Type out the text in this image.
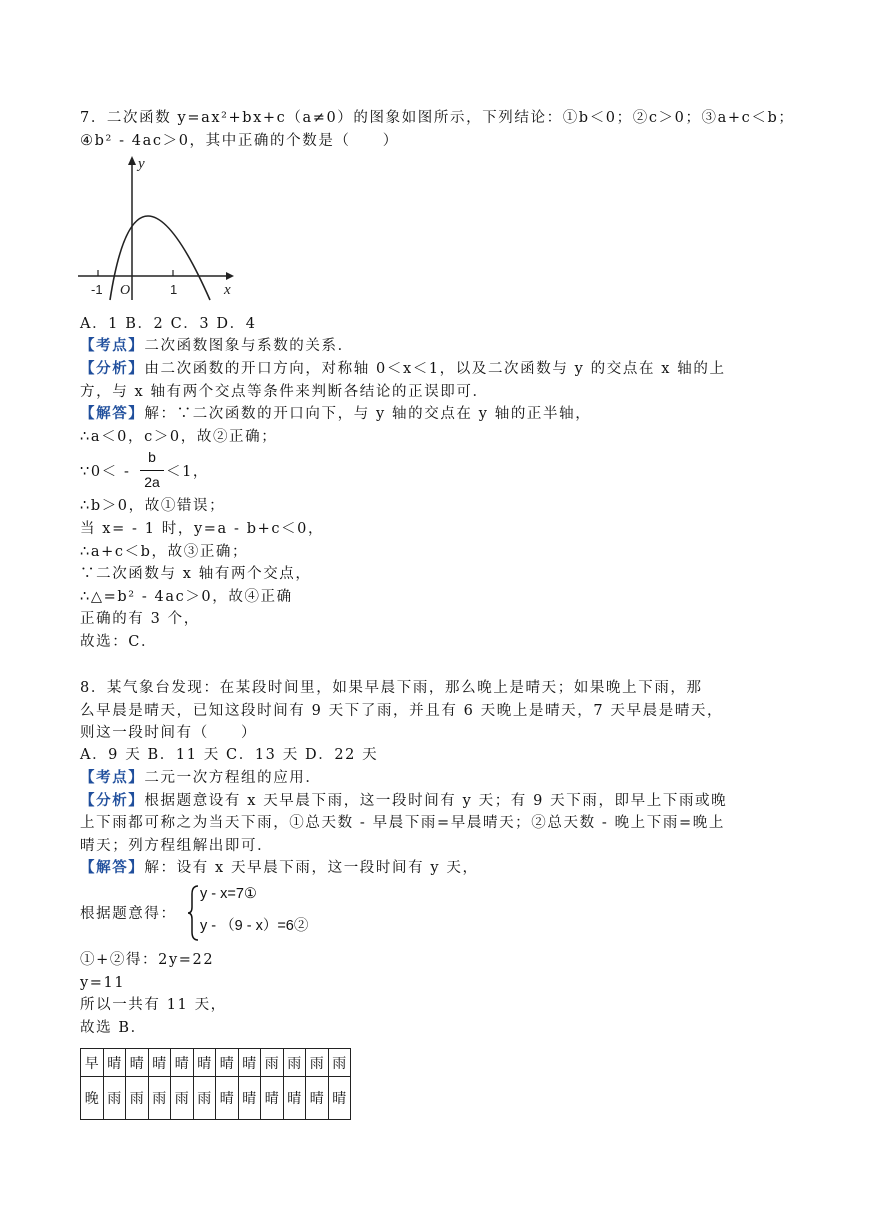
7．二次函数 y=ax²+bx+c（a≠0）的图象如图所示，下列结论：①b＜0；②c＞0；③a+c＜b；
④b² - 4ac＞0，其中正确的个数是（　　）
y
x
-1 O	1
A．1 B．2 C．3 D．4
【考点】二次函数图象与系数的关系．
【分析】由二次函数的开口方向，对称轴 0＜x＜1，以及二次函数与 y 的交点在 x 轴的上
方，与 x 轴有两个交点等条件来判断各结论的正误即可．
【解答】解：∵二次函数的开口向下，与 y 轴的交点在 y 轴的正半轴，
∴a＜0，c＞0，故②正确；
∵0＜ -
b
2a
＜1，
∴b＞0，故①错误；
当 x= - 1 时，y=a - b+c＜0，
∴a+c＜b，故③正确；
∵二次函数与 x 轴有两个交点，
∴△=b² - 4ac＞0，故④正确
正确的有 3 个，
故选：C．
8．某气象台发现：在某段时间里，如果早晨下雨，那么晚上是晴天；如果晚上下雨，那
么早晨是晴天，已知这段时间有 9 天下了雨，并且有 6 天晚上是晴天，7 天早晨是晴天，
则这一段时间有（　　）
A．9 天 B．11 天 C．13 天 D．22 天
【考点】二元一次方程组的应用．
【分析】根据题意设有 x 天早晨下雨，这一段时间有 y 天；有 9 天下雨，即早上下雨或晚
上下雨都可称之为当天下雨，①总天数 - 早晨下雨=早晨晴天；②总天数 - 晚上下雨=晚上
晴天；列方程组解出即可．
【解答】解：设有 x 天早晨下雨，这一段时间有 y 天，
根据题意得：
y - x=7①
y - （9 - x）=6②
①+②得：2y=22
y=11
所以一共有 11 天，
故选 B．
早	晴	晴	晴	晴	晴	晴	晴	雨	雨	雨	雨
晚	雨	雨	雨	雨	雨	晴	晴	晴	晴	晴	晴
